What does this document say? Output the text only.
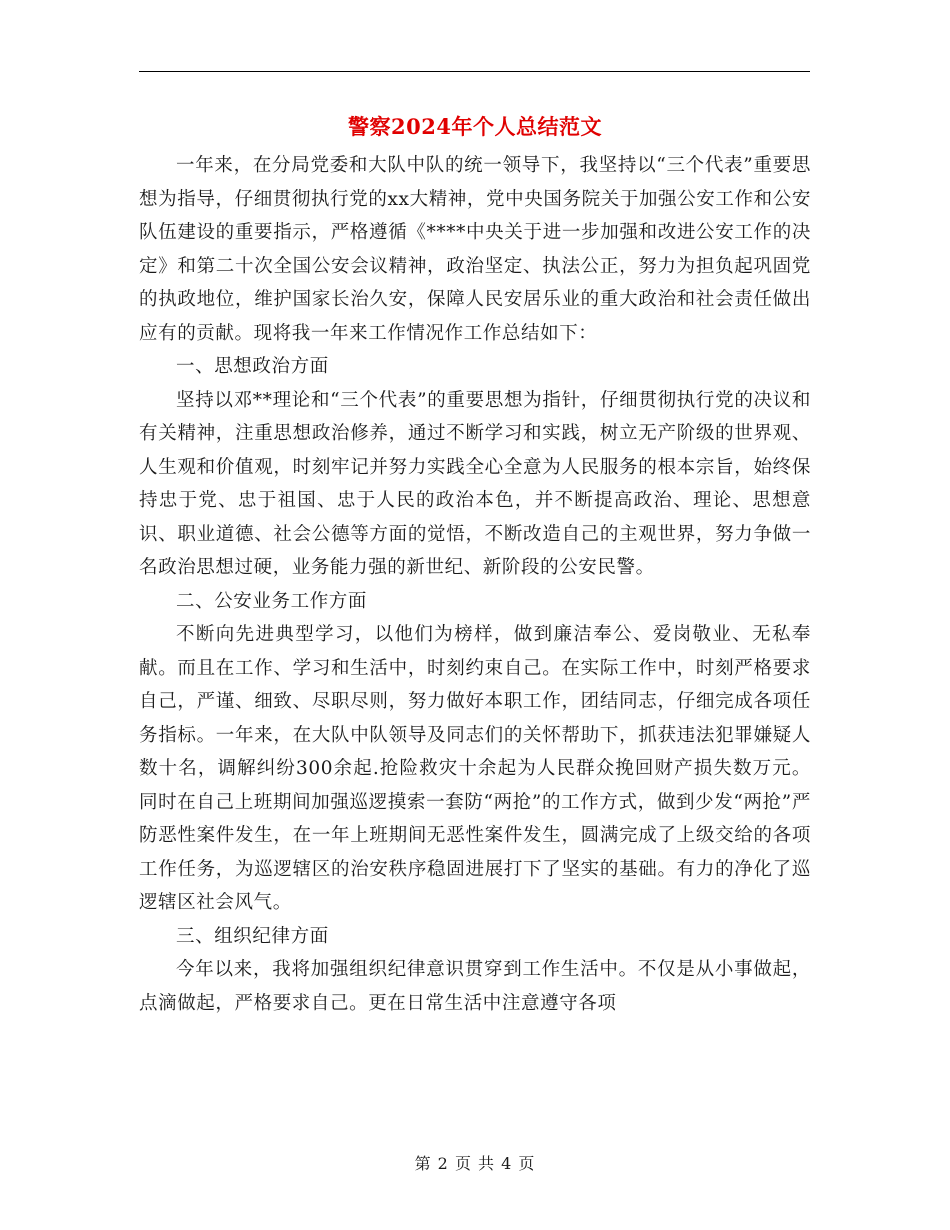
警察2024年个人总结范文

一年来，在分局党委和大队中队的统一领导下，我坚持以“三个代表”重要思想为指导，仔细贯彻执行党的xx大精神，党中央国务院关于加强公安工作和公安队伍建设的重要指示，严格遵循《****中央关于进一步加强和改进公安工作的决定》和第二十次全国公安会议精神，政治坚定、执法公正，努力为担负起巩固党的执政地位，维护国家长治久安，保障人民安居乐业的重大政治和社会责任做出应有的贡献。现将我一年来工作情况作工作总结如下：

一、思想政治方面

坚持以邓**理论和“三个代表”的重要思想为指针，仔细贯彻执行党的决议和有关精神，注重思想政治修养，通过不断学习和实践，树立无产阶级的世界观、人生观和价值观，时刻牢记并努力实践全心全意为人民服务的根本宗旨，始终保持忠于党、忠于祖国、忠于人民的政治本色，并不断提高政治、理论、思想意识、职业道德、社会公德等方面的觉悟，不断改造自己的主观世界，努力争做一名政治思想过硬，业务能力强的新世纪、新阶段的公安民警。

二、公安业务工作方面

不断向先进典型学习，以他们为榜样，做到廉洁奉公、爱岗敬业、无私奉献。而且在工作、学习和生活中，时刻约束自己。在实际工作中，时刻严格要求自己，严谨、细致、尽职尽则，努力做好本职工作，团结同志，仔细完成各项任务指标。一年来，在大队中队领导及同志们的关怀帮助下，抓获违法犯罪嫌疑人数十名，调解纠纷300余起.抢险救灾十余起为人民群众挽回财产损失数万元。同时在自己上班期间加强巡逻摸索一套防“两抢”的工作方式，做到少发“两抢”严防恶性案件发生，在一年上班期间无恶性案件发生，圆满完成了上级交给的各项工作任务，为巡逻辖区的治安秩序稳固进展打下了坚实的基础。有力的净化了巡逻辖区社会风气。

三、组织纪律方面

今年以来，我将加强组织纪律意识贯穿到工作生活中。不仅是从小事做起，点滴做起，严格要求自己。更在日常生活中注意遵守各项

第 2 页 共 4 页
